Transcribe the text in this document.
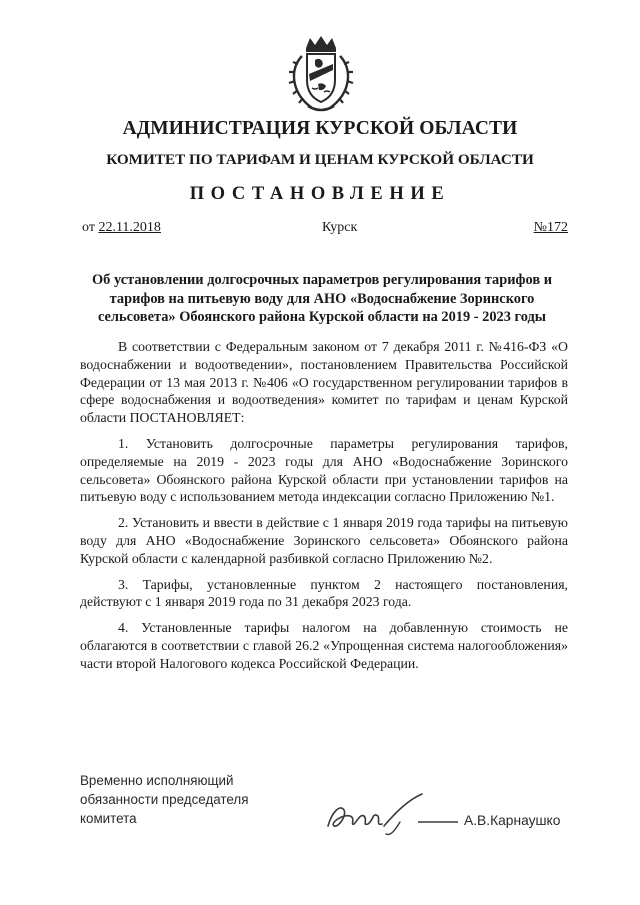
АДМИНИСТРАЦИЯ КУРСКОЙ ОБЛАСТИ
КОМИТЕТ ПО ТАРИФАМ И ЦЕНАМ КУРСКОЙ ОБЛАСТИ
ПОСТАНОВЛЕНИЕ
от 22.11.2018	Курск	№172
Об установлении долгосрочных параметров регулирования тарифов и тарифов на питьевую воду для АНО «Водоснабжение Зоринского сельсовета» Обоянского района Курской области на 2019 - 2023 годы

В соответствии с Федеральным законом от 7 декабря 2011 г. №416-ФЗ «О водоснабжении и водоотведении», постановлением Правительства Российской Федерации от 13 мая 2013 г. №406 «О государственном регулировании тарифов в сфере водоснабжения и водоотведения» комитет по тарифам и ценам Курской области ПОСТАНОВЛЯЕТ:

1. Установить долгосрочные параметры регулирования тарифов, определяемые на 2019 - 2023 годы для АНО «Водоснабжение Зоринского сельсовета» Обоянского района Курской области при установлении тарифов на питьевую воду с использованием метода индексации согласно Приложению №1.

2. Установить и ввести в действие с 1 января 2019 года тарифы на питьевую воду для АНО «Водоснабжение Зоринского сельсовета» Обоянского района Курской области с календарной разбивкой согласно Приложению №2.

3. Тарифы, установленные пунктом 2 настоящего постановления, действуют с 1 января 2019 года по 31 декабря 2023 года.

4. Установленные тарифы налогом на добавленную стоимость не облагаются в соответствии с главой 26.2 «Упрощенная система налогообложения» части второй Налогового кодекса Российской Федерации.

Временно исполняющий
обязанности председателя
комитета	А.В.Карнаушко
